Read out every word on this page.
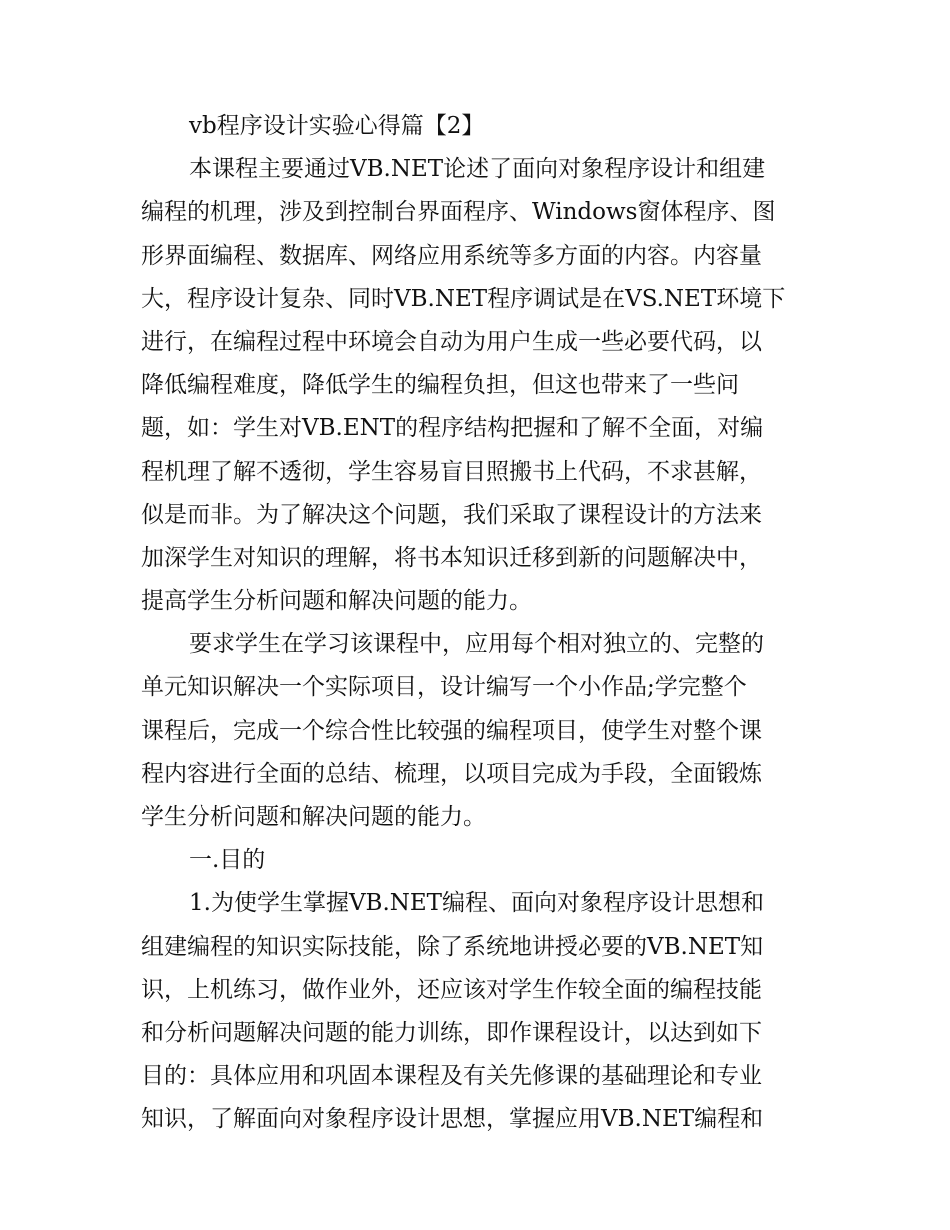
vb程序设计实验心得篇【2】
本课程主要通过VB.NET论述了面向对象程序设计和组建
编程的机理，涉及到控制台界面程序、Windows窗体程序、图
形界面编程、数据库、网络应用系统等多方面的内容。内容量
大，程序设计复杂、同时VB.NET程序调试是在VS.NET环境下
进行，在编程过程中环境会自动为用户生成一些必要代码，以
降低编程难度，降低学生的编程负担，但这也带来了一些问
题，如：学生对VB.ENT的程序结构把握和了解不全面，对编
程机理了解不透彻，学生容易盲目照搬书上代码，不求甚解，
似是而非。为了解决这个问题，我们采取了课程设计的方法来
加深学生对知识的理解，将书本知识迁移到新的问题解决中，
提高学生分析问题和解决问题的能力。
要求学生在学习该课程中，应用每个相对独立的、完整的
单元知识解决一个实际项目，设计编写一个小作品;学完整个
课程后，完成一个综合性比较强的编程项目，使学生对整个课
程内容进行全面的总结、梳理，以项目完成为手段，全面锻炼
学生分析问题和解决问题的能力。
一.目的
1.为使学生掌握VB.NET编程、面向对象程序设计思想和
组建编程的知识实际技能，除了系统地讲授必要的VB.NET知
识，上机练习，做作业外，还应该对学生作较全面的编程技能
和分析问题解决问题的能力训练，即作课程设计，以达到如下
目的：具体应用和巩固本课程及有关先修课的基础理论和专业
知识，了解面向对象程序设计思想，掌握应用VB.NET编程和
